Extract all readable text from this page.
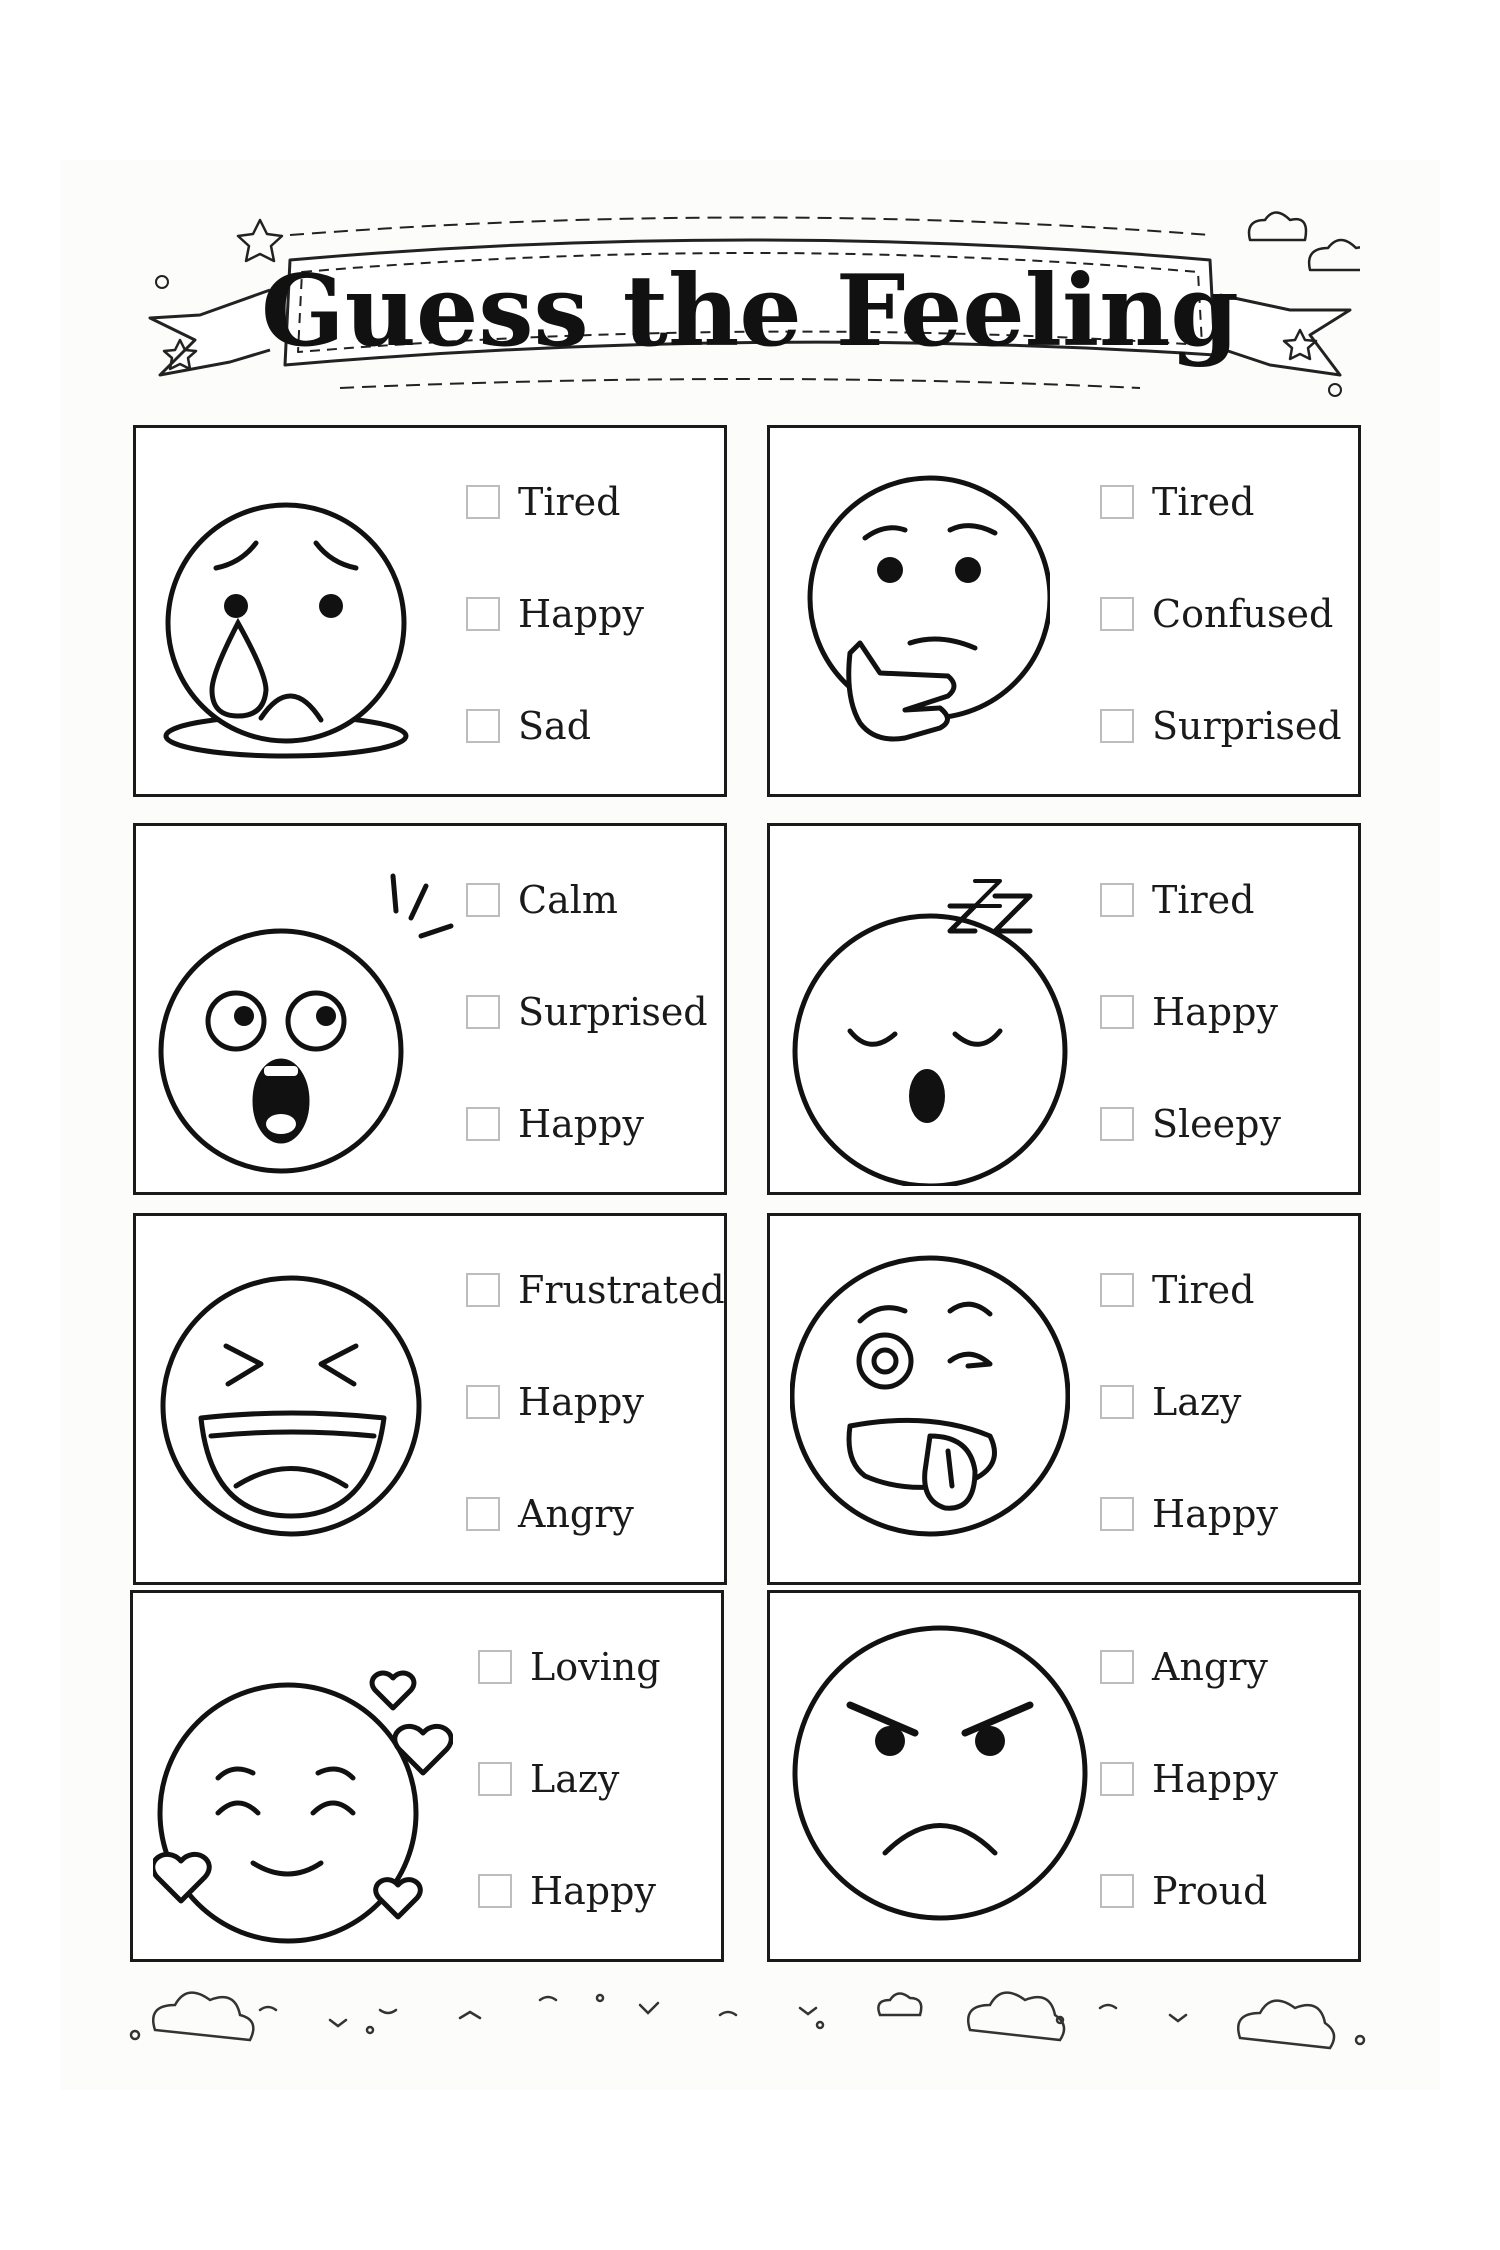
Guess the Feeling
Tired
Happy
Sad
Tired
Confused
Surprised
Calm
Surprised
Happy
Tired
Happy
Sleepy
Frustrated
Happy
Angry
Tired
Lazy
Happy
Loving
Lazy
Happy
Angry
Happy
Proud
